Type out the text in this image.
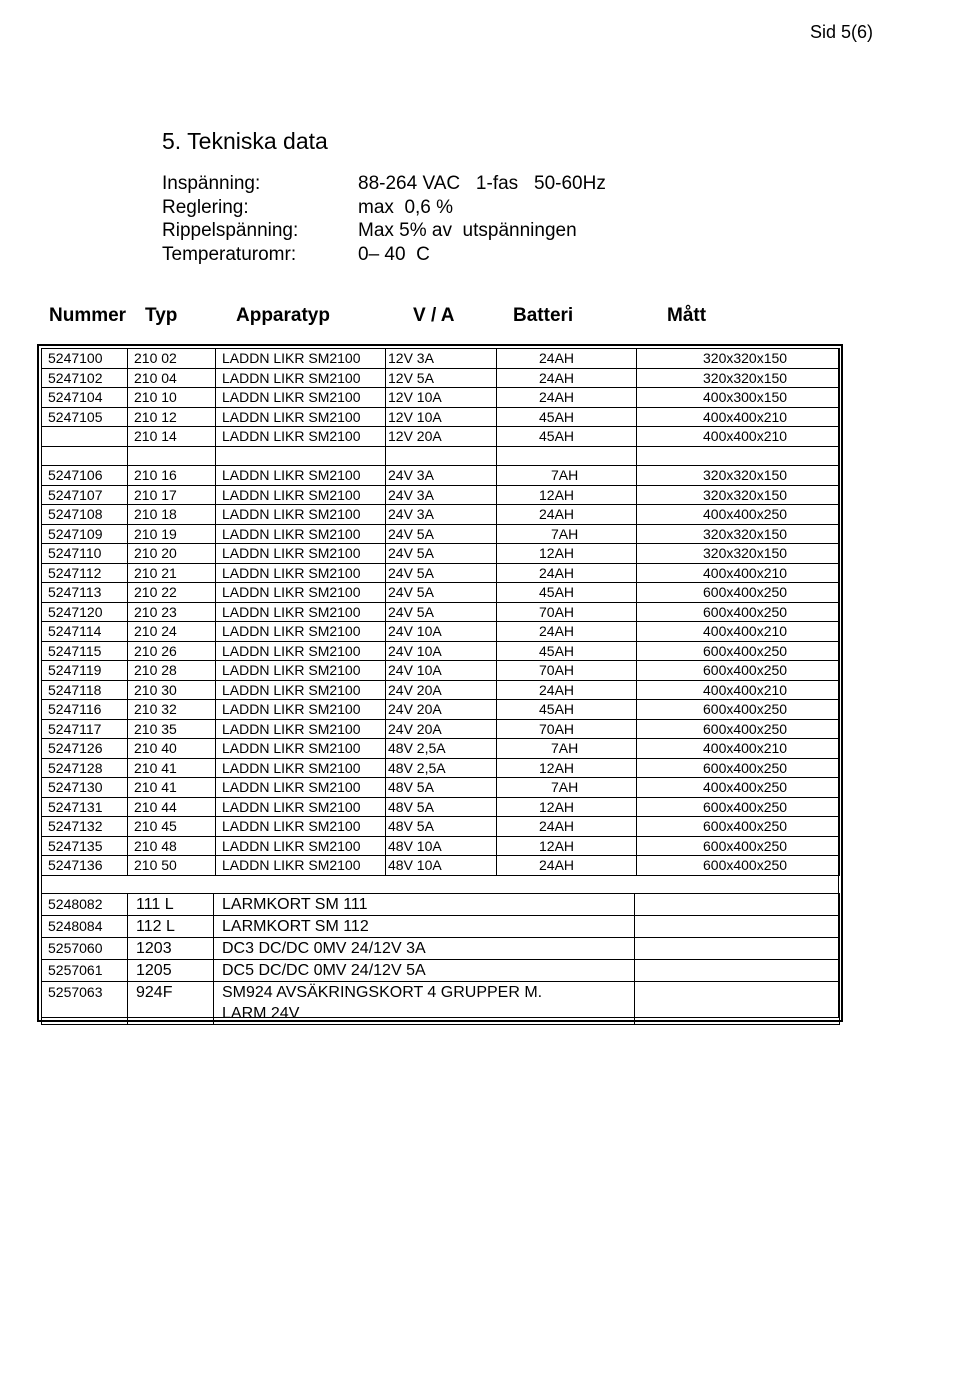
Sid 5(6)
5. Tekniska data
Inspänning:	88-264 VAC   1-fas   50-60Hz
Reglering:	max  0,6 %
Rippelspänning:	Max 5% av  utspänningen
Temperaturomr:	0– 40  C
Nummer Typ	Apparatyp	V / A	Batteri	Mått
5247100	210 02	LADDN LIKR SM2100	12V 3A	24AH	320x320x150
5247102	210 04	LADDN LIKR SM2100	12V 5A	24AH	320x320x150
5247104	210 10	LADDN LIKR SM2100	12V 10A	24AH	400x300x150
5247105	210 12	LADDN LIKR SM2100	12V 10A	45AH	400x400x210
	210 14	LADDN LIKR SM2100	12V 20A	45AH	400x400x210

5247106	210 16	LADDN LIKR SM2100	24V 3A	7AH	320x320x150
5247107	210 17	LADDN LIKR SM2100	24V 3A	12AH	320x320x150
5247108	210 18	LADDN LIKR SM2100	24V 3A	24AH	400x400x250
5247109	210 19	LADDN LIKR SM2100	24V 5A	7AH	320x320x150
5247110	210 20	LADDN LIKR SM2100	24V 5A	12AH	320x320x150
5247112	210 21	LADDN LIKR SM2100	24V 5A	24AH	400x400x210
5247113	210 22	LADDN LIKR SM2100	24V 5A	45AH	600x400x250
5247120	210 23	LADDN LIKR SM2100	24V 5A	70AH	600x400x250
5247114	210 24	LADDN LIKR SM2100	24V 10A	24AH	400x400x210
5247115	210 26	LADDN LIKR SM2100	24V 10A	45AH	600x400x250
5247119	210 28	LADDN LIKR SM2100	24V 10A	70AH	600x400x250
5247118	210 30	LADDN LIKR SM2100	24V 20A	24AH	400x400x210
5247116	210 32	LADDN LIKR SM2100	24V 20A	45AH	600x400x250
5247117	210 35	LADDN LIKR SM2100	24V 20A	70AH	600x400x250
5247126	210 40	LADDN LIKR SM2100	48V 2,5A	7AH	400x400x210
5247128	210 41	LADDN LIKR SM2100	48V 2,5A	12AH	600x400x250
5247130	210 41	LADDN LIKR SM2100	48V 5A	7AH	400x400x250
5247131	210 44	LADDN LIKR SM2100	48V 5A	12AH	600x400x250
5247132	210 45	LADDN LIKR SM2100	48V 5A	24AH	600x400x250
5247135	210 48	LADDN LIKR SM2100	48V 10A	12AH	600x400x250
5247136	210 50	LADDN LIKR SM2100	48V 10A	24AH	600x400x250
5248082	111 L	LARMKORT SM 111	
5248084	112 L	LARMKORT SM 112	
5257060	1203	DC3 DC/DC 0MV 24/12V 3A	
5257061	1205	DC5 DC/DC 0MV 24/12V 5A	
5257063	924F	SM924 AVSÄKRINGSKORT 4 GRUPPER M.
LARM 24V	
